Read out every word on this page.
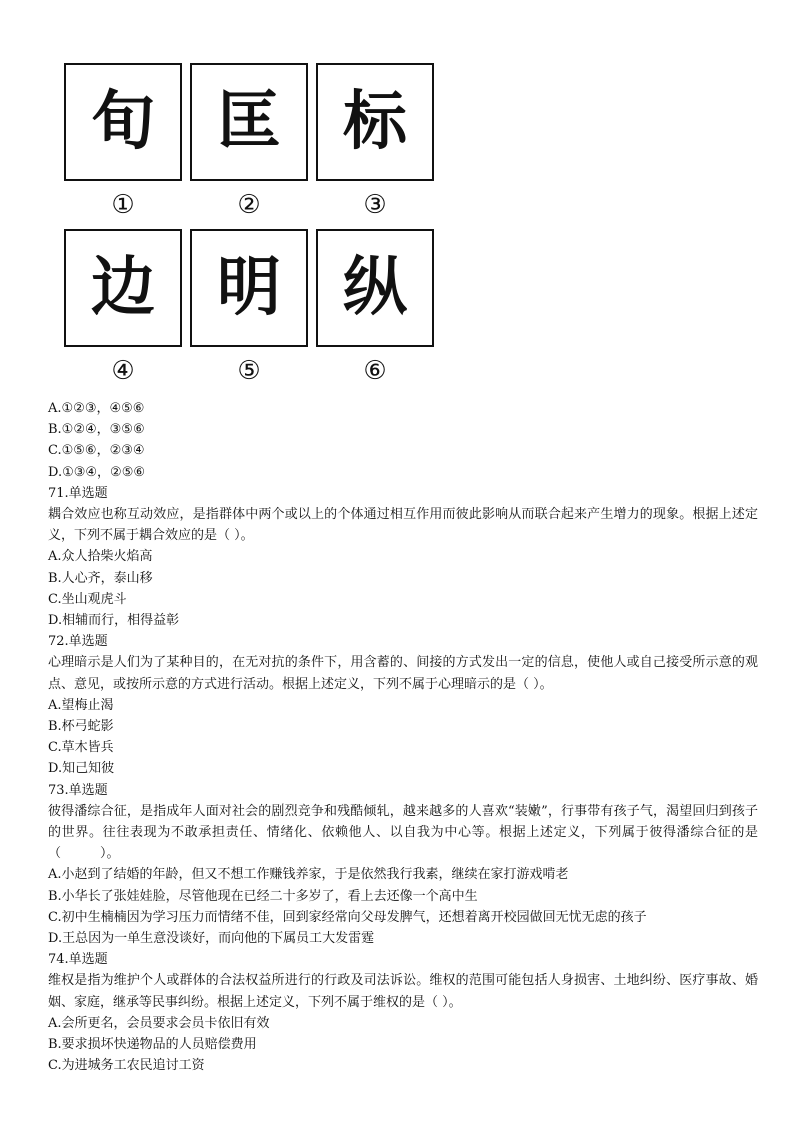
旬
①
匡
②
标
③
边
④
明
⑤
纵
⑥
A.①②③，④⑤⑥
B.①②④，③⑤⑥
C.①⑤⑥，②③④
D.①③④，②⑤⑥
71.单选题
耦合效应也称互动效应，是指群体中两个或以上的个体通过相互作用而彼此影响从而联合起来产生增力的现象。根据上述定义，下列不属于耦合效应的是（ ）。
A.众人拾柴火焰高
B.人心齐，泰山移
C.坐山观虎斗
D.相辅而行，相得益彰
72.单选题
心理暗示是人们为了某种目的，在无对抗的条件下，用含蓄的、间接的方式发出一定的信息，使他人或自己接受所示意的观点、意见，或按所示意的方式进行活动。根据上述定义，下列不属于心理暗示的是（ ）。
A.望梅止渴
B.杯弓蛇影
C.草木皆兵
D.知己知彼
73.单选题
彼得潘综合征，是指成年人面对社会的剧烈竞争和残酷倾轧，越来越多的人喜欢“装嫩”，行事带有孩子气，渴望回归到孩子的世界。往往表现为不敢承担责任、情绪化、依赖他人、以自我为中心等。根据上述定义，下列属于彼得潘综合征的是（　　　）。
A.小赵到了结婚的年龄，但又不想工作赚钱养家，于是依然我行我素，继续在家打游戏啃老
B.小华长了张娃娃脸，尽管他现在已经二十多岁了，看上去还像一个高中生
C.初中生楠楠因为学习压力而情绪不佳，回到家经常向父母发脾气，还想着离开校园做回无忧无虑的孩子
D.王总因为一单生意没谈好，而向他的下属员工大发雷霆
74.单选题
维权是指为维护个人或群体的合法权益所进行的行政及司法诉讼。维权的范围可能包括人身损害、土地纠纷、医疗事故、婚姻、家庭，继承等民事纠纷。根据上述定义，下列不属于维权的是（ ）。
A.会所更名，会员要求会员卡依旧有效
B.要求损坏快递物品的人员赔偿费用
C.为进城务工农民追讨工资
